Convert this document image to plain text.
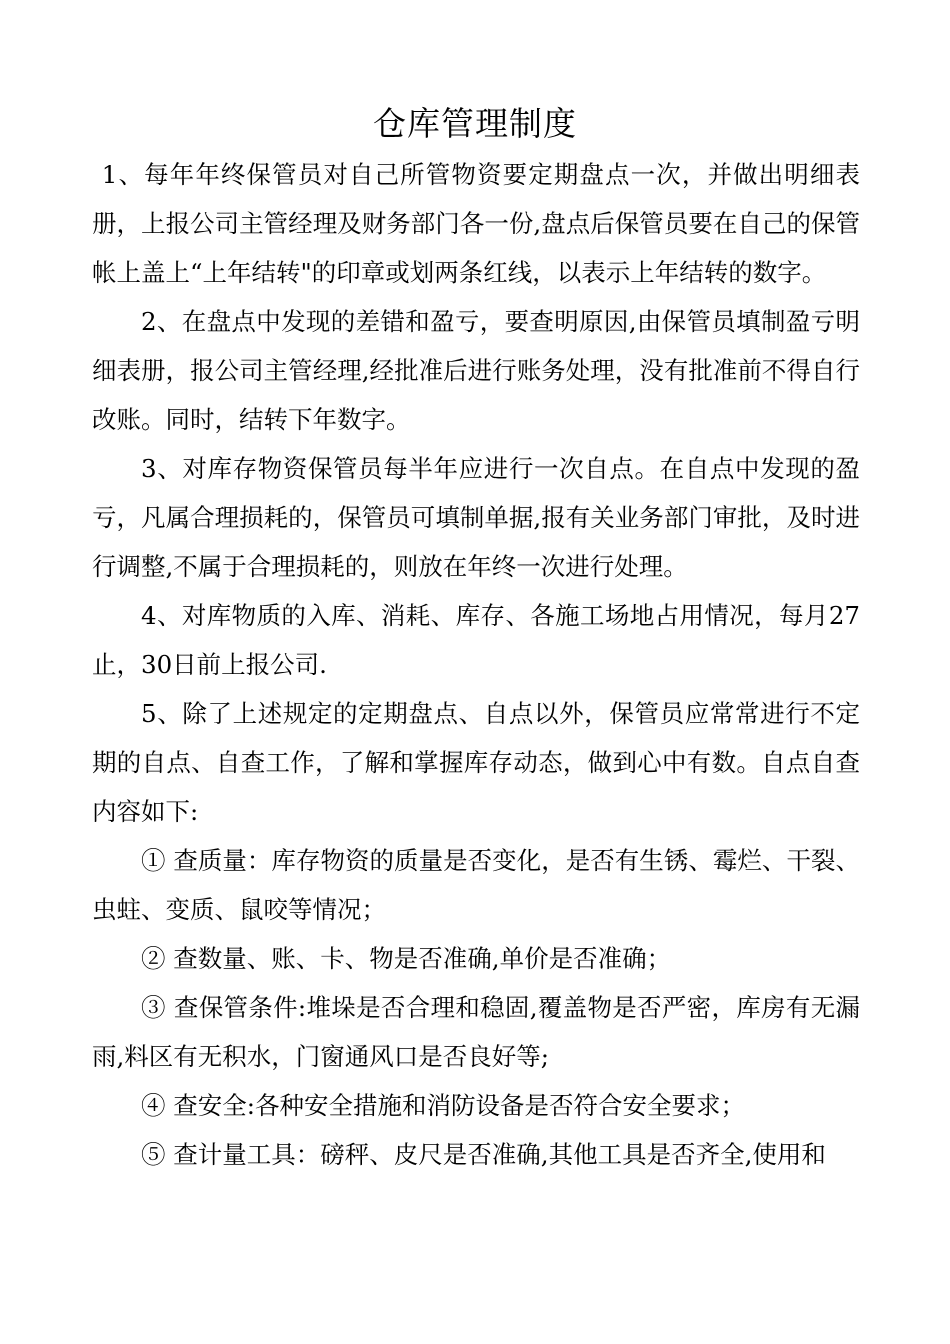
仓库管理制度

1、每年年终保管员对自己所管物资要定期盘点一次，并做出明细表册，上报公司主管经理及财务部门各一份,盘点后保管员要在自己的保管帐上盖上“上年结转"的印章或划两条红线，以表示上年结转的数字。

2、在盘点中发现的差错和盈亏，要查明原因,由保管员填制盈亏明细表册，报公司主管经理,经批准后进行账务处理，没有批准前不得自行改账。同时，结转下年数字。

3、对库存物资保管员每半年应进行一次自点。在自点中发现的盈亏，凡属合理损耗的，保管员可填制单据,报有关业务部门审批，及时进行调整,不属于合理损耗的，则放在年终一次进行处理。

4、对库物质的入库、消耗、库存、各施工场地占用情况，每月27止，30日前上报公司.

5、除了上述规定的定期盘点、自点以外，保管员应常常进行不定期的自点、自查工作，了解和掌握库存动态，做到心中有数。自点自查内容如下:

① 查质量：库存物资的质量是否变化，是否有生锈、霉烂、干裂、虫蛀、变质、鼠咬等情况；

② 查数量、账、卡、物是否准确,单价是否准确；

③ 查保管条件:堆垛是否合理和稳固,覆盖物是否严密，库房有无漏雨,料区有无积水，门窗通风口是否良好等;

④ 查安全:各种安全措施和消防设备是否符合安全要求；

⑤ 查计量工具：磅秤、皮尺是否准确,其他工具是否齐全,使用和
